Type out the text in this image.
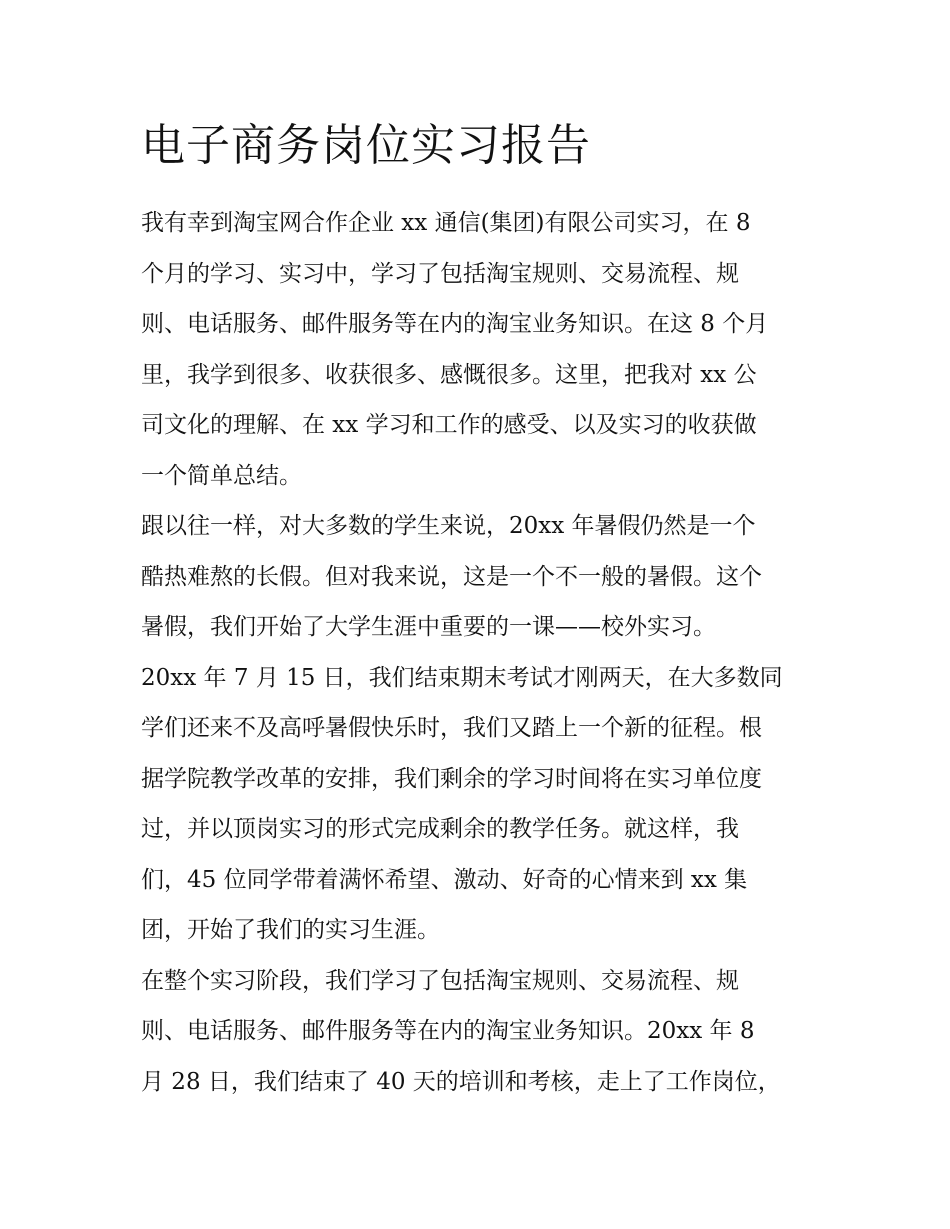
电子商务岗位实习报告

我有幸到淘宝网合作企业 xx 通信(集团)有限公司实习，在 8

个月的学习、实习中，学习了包括淘宝规则、交易流程、规

则、电话服务、邮件服务等在内的淘宝业务知识。在这 8 个月

里，我学到很多、收获很多、感慨很多。这里，把我对 xx 公

司文化的理解、在 xx 学习和工作的感受、以及实习的收获做

一个简单总结。

跟以往一样，对大多数的学生来说，20xx 年暑假仍然是一个

酷热难熬的长假。但对我来说，这是一个不一般的暑假。这个

暑假，我们开始了大学生涯中重要的一课——校外实习。

20xx 年 7 月 15 日，我们结束期末考试才刚两天，在大多数同

学们还来不及高呼暑假快乐时，我们又踏上一个新的征程。根

据学院教学改革的安排，我们剩余的学习时间将在实习单位度

过，并以顶岗实习的形式完成剩余的教学任务。就这样，我

们，45 位同学带着满怀希望、激动、好奇的心情来到 xx 集

团，开始了我们的实习生涯。

在整个实习阶段，我们学习了包括淘宝规则、交易流程、规

则、电话服务、邮件服务等在内的淘宝业务知识。20xx 年 8

月 28 日，我们结束了 40 天的培训和考核，走上了工作岗位，
